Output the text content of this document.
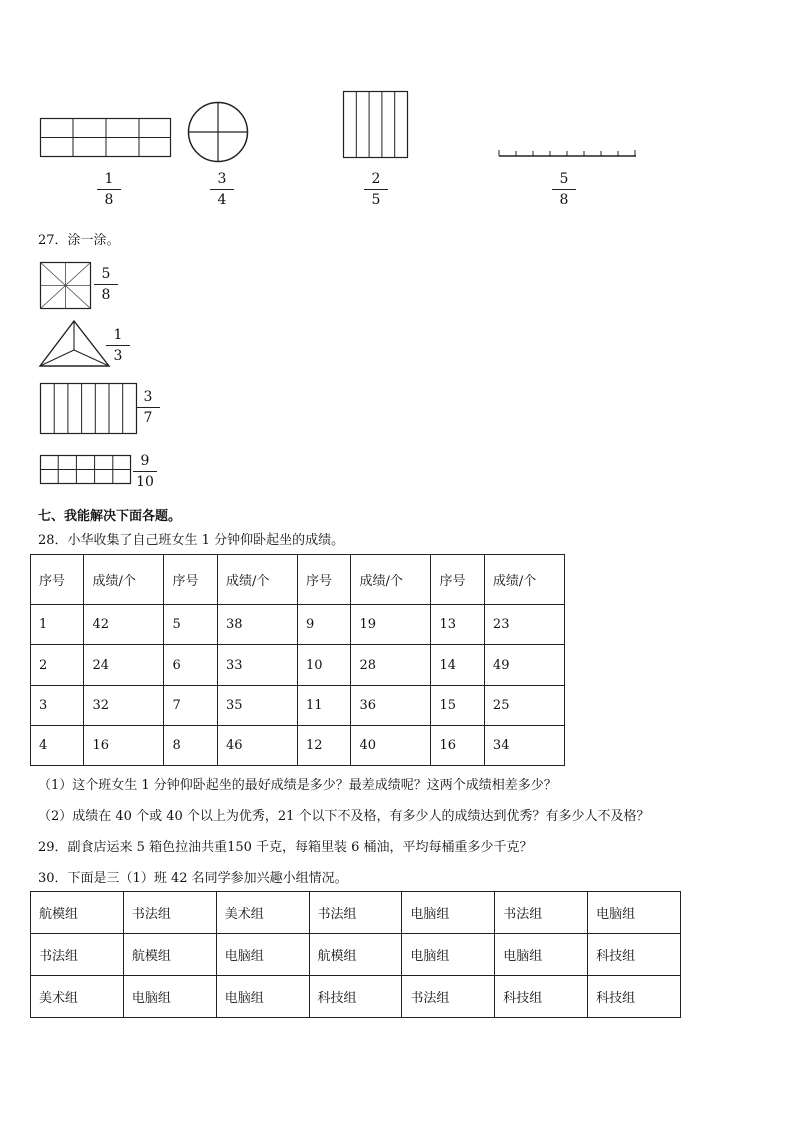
$\frac{1}{8}$	$\frac{3}{4}$	$\frac{2}{5}$	$\frac{5}{8}$
27．涂一涂。
$\frac{5}{8}$
$\frac{1}{3}$
$\frac{3}{7}$
$\frac{9}{10}$
七、我能解决下面各题。
28．小华收集了自己班女生 1 分钟仰卧起坐的成绩。
序号	成绩/个	序号	成绩/个	序号	成绩/个	序号	成绩/个
1	42	5	38	9	19	13	23
2	24	6	33	10	28	14	49
3	32	7	35	11	36	15	25
4	16	8	46	12	40	16	34
（1）这个班女生 1 分钟仰卧起坐的最好成绩是多少？最差成绩呢？这两个成绩相差多少？
（2）成绩在 40 个或 40 个以上为优秀，21 个以下不及格，有多少人的成绩达到优秀？有多少人不及格？
29．副食店运来 5 箱色拉油共重150 千克，每箱里装 6 桶油，平均每桶重多少千克？
30．下面是三（1）班 42 名同学参加兴趣小组情况。
航模组	书法组	美术组	书法组	电脑组	书法组	电脑组
书法组	航模组	电脑组	航模组	电脑组	电脑组	科技组
美术组	电脑组	电脑组	科技组	书法组	科技组	科技组
